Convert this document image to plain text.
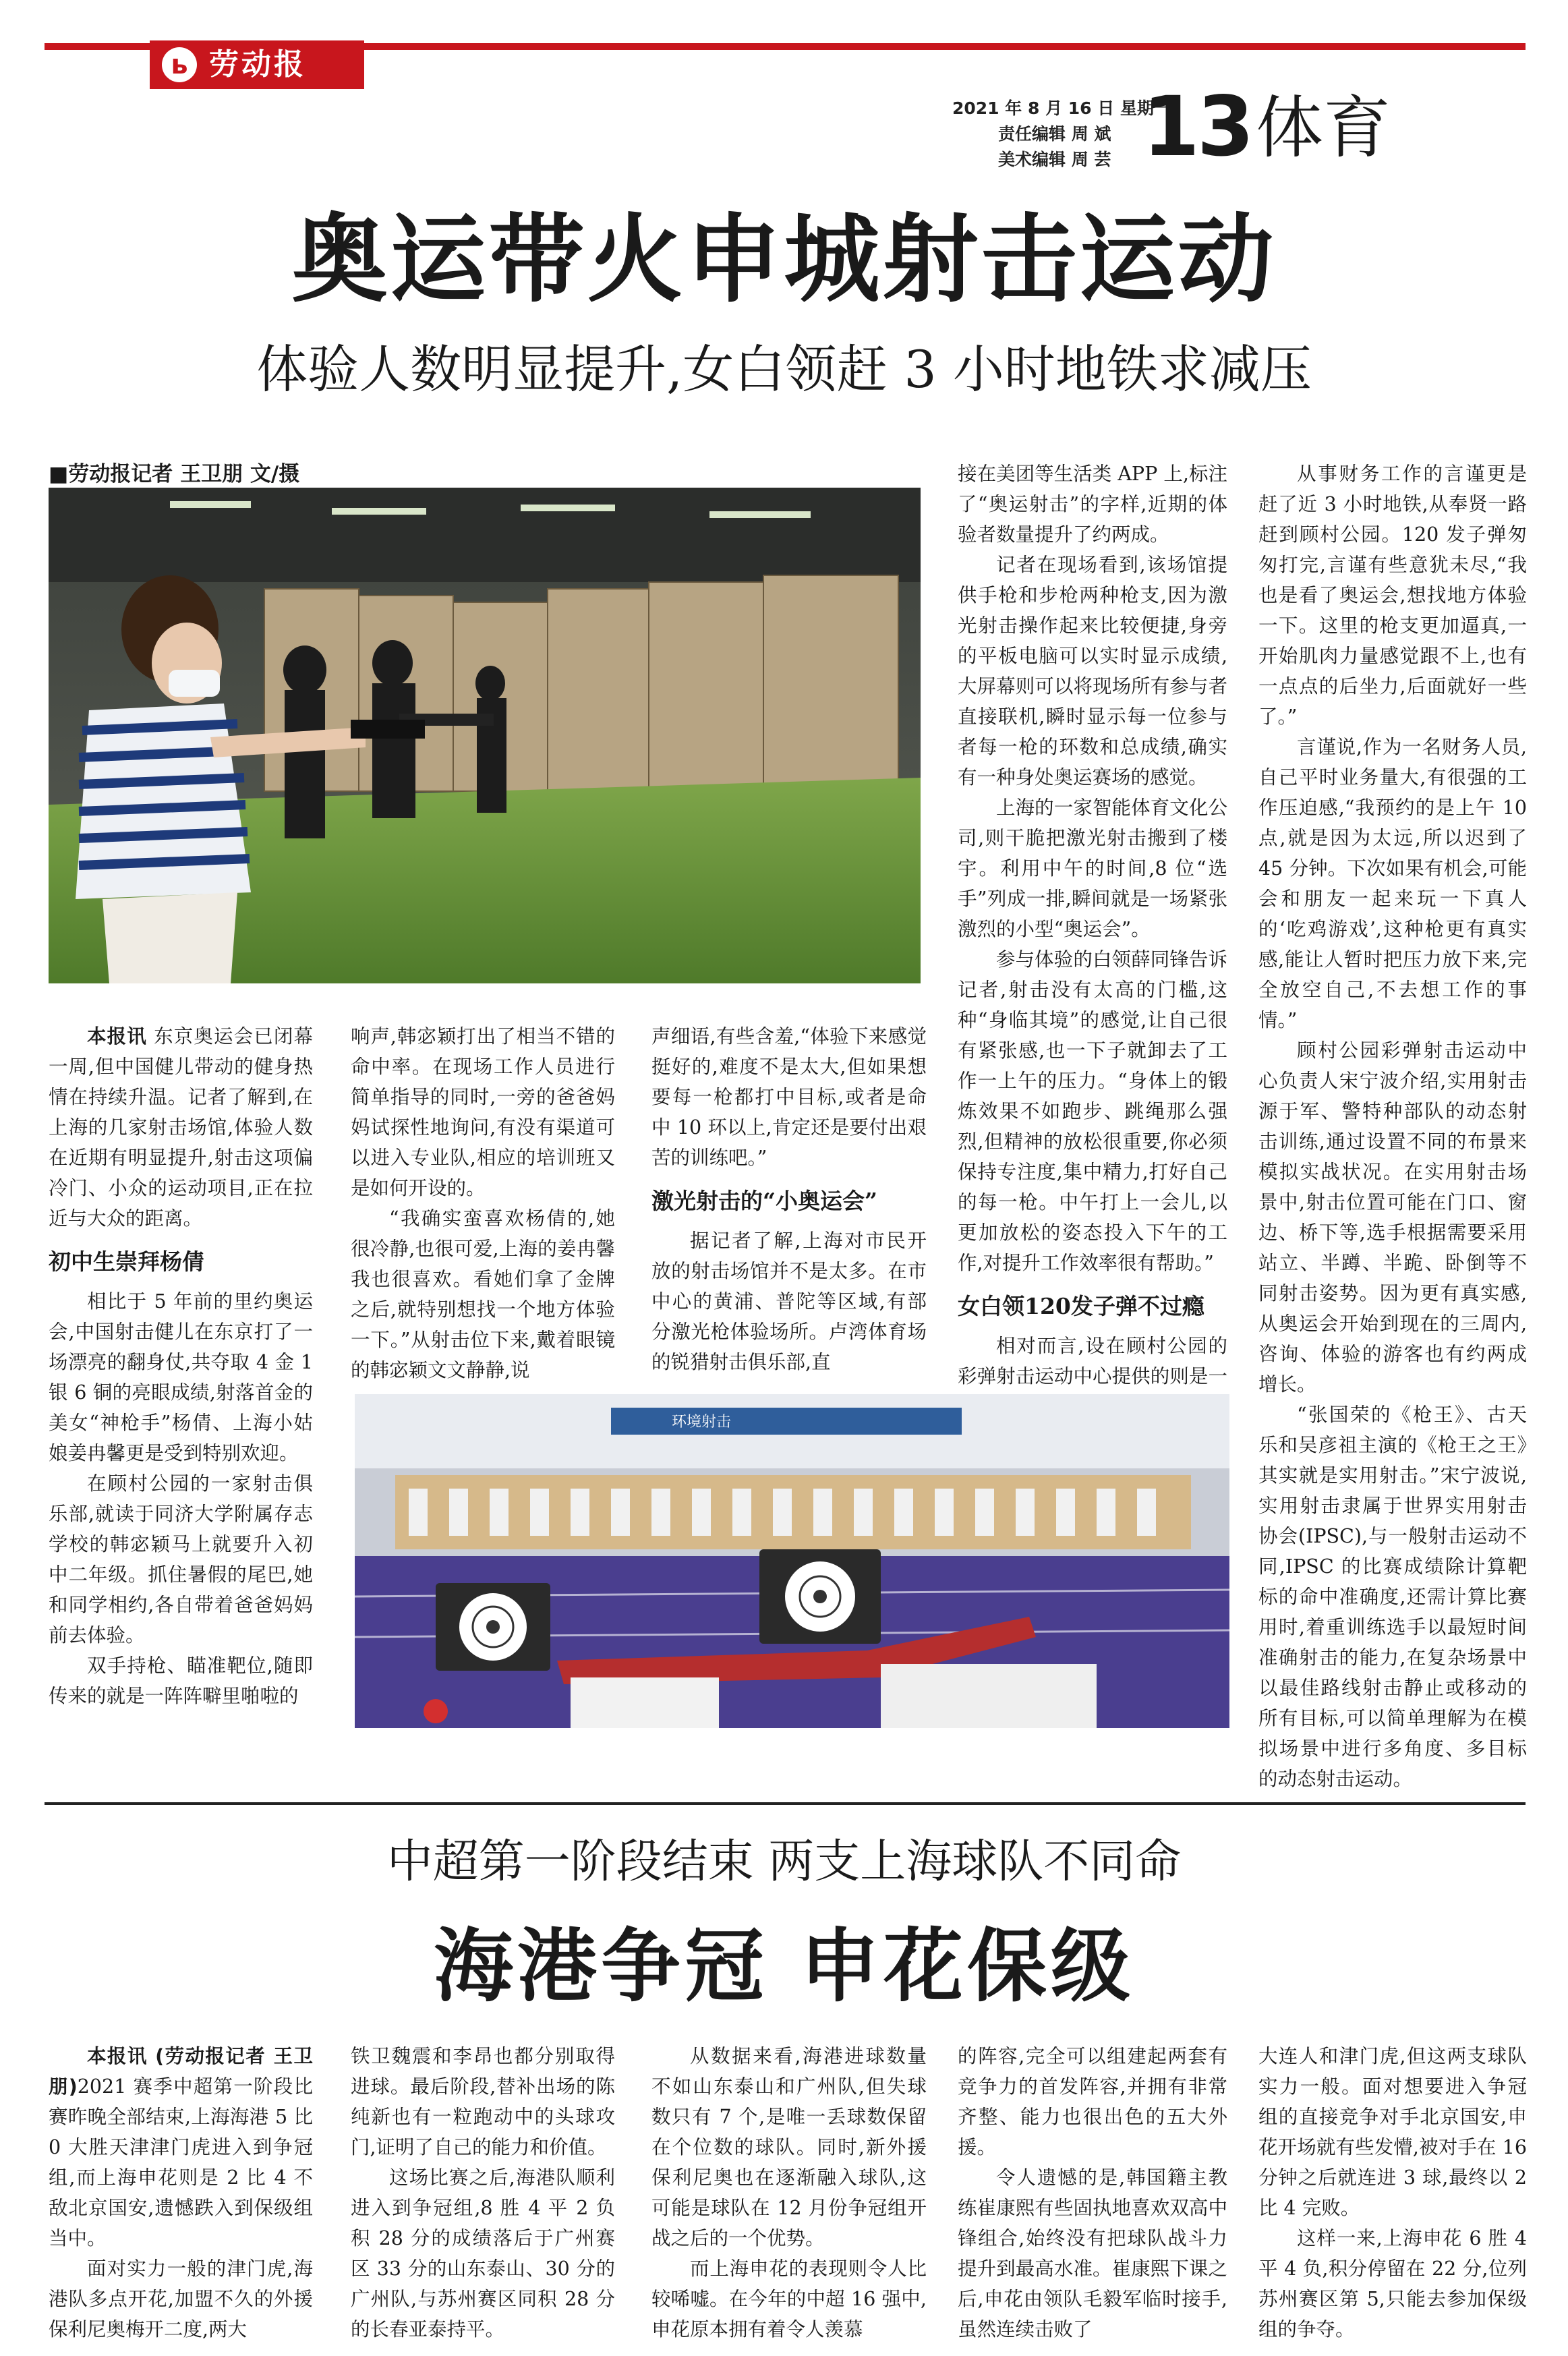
ь 劳动报
2021 年 8 月 16 日 星期一
责任编辑 周 斌
美术编辑 周 芸 13 体育
奥运带火申城射击运动
体验人数明显提升,女白领赶 3 小时地铁求减压
■劳动报记者 王卫朋 文/摄

本报讯 东京奥运会已闭幕一周,但中国健儿带动的健身热情在持续升温。记者了解到,在上海的几家射击场馆,体验人数在近期有明显提升,射击这项偏冷门、小众的运动项目,正在拉近与大众的距离。

初中生崇拜杨倩

相比于 5 年前的里约奥运会,中国射击健儿在东京打了一场漂亮的翻身仗,共夺取 4 金 1 银 6 铜的亮眼成绩,射落首金的美女“神枪手”杨倩、上海小姑娘姜冉馨更是受到特别欢迎。

在顾村公园的一家射击俱乐部,就读于同济大学附属存志学校的韩宓颖马上就要升入初中二年级。抓住暑假的尾巴,她和同学相约,各自带着爸爸妈妈前去体验。

双手持枪、瞄准靶位,随即传来的就是一阵阵噼里啪啦的

响声,韩宓颖打出了相当不错的命中率。在现场工作人员进行简单指导的同时,一旁的爸爸妈妈试探性地询问,有没有渠道可以进入专业队,相应的培训班又是如何开设的。

“我确实蛮喜欢杨倩的,她很冷静,也很可爱,上海的姜冉馨我也很喜欢。看她们拿了金牌之后,就特别想找一个地方体验一下。”从射击位下来,戴着眼镜的韩宓颖文文静静,说

声细语,有些含羞,“体验下来感觉挺好的,难度不是太大,但如果想要每一枪都打中目标,或者是命中 10 环以上,肯定还是要付出艰苦的训练吧。”

激光射击的“小奥运会”

据记者了解,上海对市民开放的射击场馆并不是太多。在市中心的黄浦、普陀等区域,有部分激光枪体验场所。卢湾体育场的锐猎射击俱乐部,直

接在美团等生活类 APP 上,标注了“奥运射击”的字样,近期的体验者数量提升了约两成。

记者在现场看到,该场馆提供手枪和步枪两种枪支,因为激光射击操作起来比较便捷,身旁的平板电脑可以实时显示成绩,大屏幕则可以将现场所有参与者直接联机,瞬时显示每一位参与者每一枪的环数和总成绩,确实有一种身处奥运赛场的感觉。

上海的一家智能体育文化公司,则干脆把激光射击搬到了楼宇。利用中午的时间,8 位“选手”列成一排,瞬间就是一场紧张激烈的小型“奥运会”。

参与体验的白领薛同锋告诉记者,射击没有太高的门槛,这种“身临其境”的感觉,让自己很有紧张感,也一下子就卸去了工作一上午的压力。“身体上的锻炼效果不如跑步、跳绳那么强烈,但精神的放松很重要,你必须保持专注度,集中精力,打好自己的每一枪。中午打上一会儿,以更加放松的姿态投入下午的工作,对提升工作效率很有帮助。”

女白领120发子弹不过瘾

相对而言,设在顾村公园的彩弹射击运动中心提供的则是一

从事财务工作的言谨更是赶了近 3 小时地铁,从奉贤一路赶到顾村公园。120 发子弹匆匆打完,言谨有些意犹未尽,“我也是看了奥运会,想找地方体验一下。这里的枪支更加逼真,一开始肌肉力量感觉跟不上,也有一点点的后坐力,后面就好一些了。”

言谨说,作为一名财务人员,自己平时业务量大,有很强的工作压迫感,“我预约的是上午 10 点,就是因为太远,所以迟到了 45 分钟。下次如果有机会,可能会和朋友一起来玩一下真人的‘吃鸡游戏’,这种枪更有真实感,能让人暂时把压力放下来,完全放空自己,不去想工作的事情。”

顾村公园彩弹射击运动中心负责人宋宁波介绍,实用射击源于军、警特种部队的动态射击训练,通过设置不同的布景来模拟实战状况。在实用射击场景中,射击位置可能在门口、窗边、桥下等,选手根据需要采用站立、半蹲、半跪、卧倒等不同射击姿势。因为更有真实感,从奥运会开始到现在的三周内,咨询、体验的游客也有约两成增长。

“张国荣的《枪王》、古天乐和吴彦祖主演的《枪王之王》其实就是实用射击。”宋宁波说,实用射击隶属于世界实用射击协会(IPSC),与一般射击运动不同,IPSC 的比赛成绩除计算靶标的命中准确度,还需计算比赛用时,着重训练选手以最短时间准确射击的能力,在复杂场景中以最佳路线射击静止或移动的所有目标,可以简单理解为在模拟场景中进行多角度、多目标的动态射击运动。

环境射击
中超第一阶段结束 两支上海球队不同命
海港争冠 申花保级

本报讯 (劳动报记者 王卫朋)2021 赛季中超第一阶段比赛昨晚全部结束,上海海港 5 比 0 大胜天津津门虎进入到争冠组,而上海申花则是 2 比 4 不敌北京国安,遗憾跌入到保级组当中。

面对实力一般的津门虎,海港队多点开花,加盟不久的外援保利尼奥梅开二度,两大

铁卫魏震和李昂也都分别取得进球。最后阶段,替补出场的陈纯新也有一粒跑动中的头球攻门,证明了自己的能力和价值。

这场比赛之后,海港队顺利进入到争冠组,8 胜 4 平 2 负积 28 分的成绩落后于广州赛区 33 分的山东泰山、30 分的广州队,与苏州赛区同积 28 分的长春亚泰持平。

从数据来看,海港进球数量不如山东泰山和广州队,但失球数只有 7 个,是唯一丢球数保留在个位数的球队。同时,新外援保利尼奥也在逐渐融入球队,这可能是球队在 12 月份争冠组开战之后的一个优势。

而上海申花的表现则令人比较唏嘘。在今年的中超 16 强中,申花原本拥有着令人羡慕

的阵容,完全可以组建起两套有竞争力的首发阵容,并拥有非常齐整、能力也很出色的五大外援。

令人遗憾的是,韩国籍主教练崔康熙有些固执地喜欢双高中锋组合,始终没有把球队战斗力提升到最高水准。崔康熙下课之后,申花由领队毛毅军临时接手,虽然连续击败了

大连人和津门虎,但这两支球队实力一般。面对想要进入争冠组的直接竞争对手北京国安,申花开场就有些发懵,被对手在 16 分钟之后就连进 3 球,最终以 2 比 4 完败。

这样一来,上海申花 6 胜 4 平 4 负,积分停留在 22 分,位列苏州赛区第 5,只能去参加保级组的争夺。
